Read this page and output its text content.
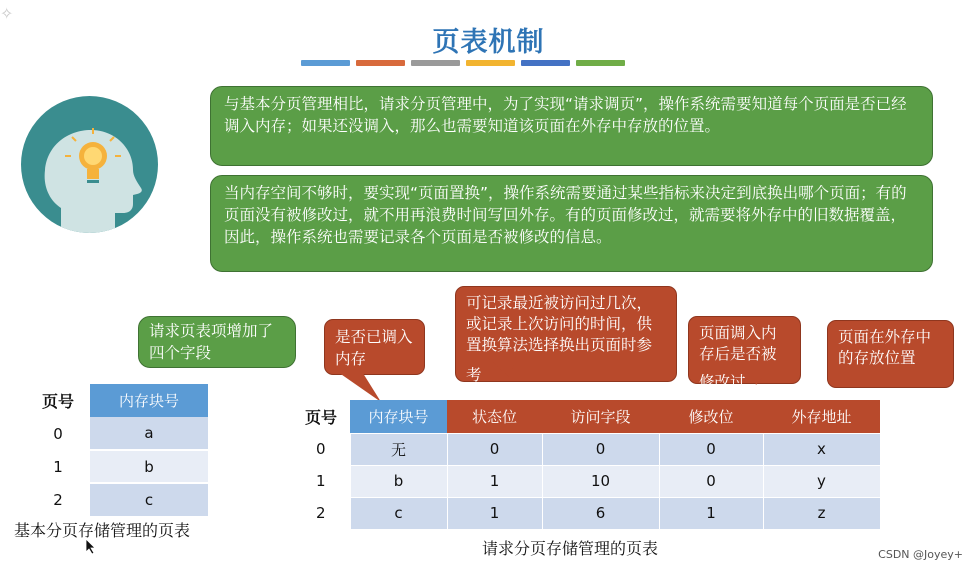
✧
页表机制
与基本分页管理相比，请求分页管理中，为了实现“请求调页”，操作系统需要知道每个页面是否已经调入内存；如果还没调入，那么也需要知道该页面在外存中存放的位置。
当内存空间不够时，要实现“页面置换”，操作系统需要通过某些指标来决定到底换出哪个页面；有的页面没有被修改过，就不用再浪费时间写回外存。有的页面修改过，就需要将外存中的旧数据覆盖，因此，操作系统也需要记录各个页面是否被修改的信息。
请求页表项增加了四个字段
是否已调入内存
可记录最近被访问过几次，或记录上次访问的时间，供置换算法选择换出页面时参考
页面调入内存后是否被修改过
页面在外存中的存放位置
页号	内存块号
0	a
1	b
2	c
基本分页存储管理的页表
页号	内存块号	状态位	访问字段	修改位	外存地址
0	无	0	0	0	x
1	b	1	10	0	y
2	c	1	6	1	z
请求分页存储管理的页表	CSDN @Joyey+
